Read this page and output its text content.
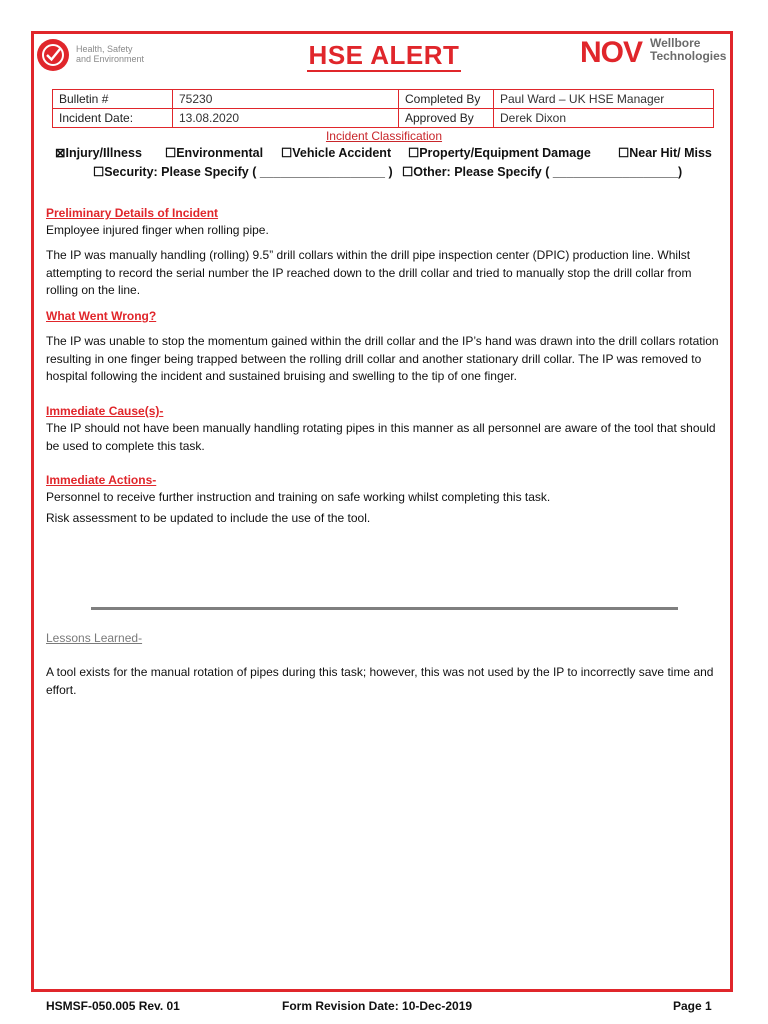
Health, Safety
and Environment	HSE ALERT	NOV Wellbore
Technologies
Bulletin #	75230	Completed By	Paul Ward – UK HSE Manager
Incident Date:	13.08.2020	Approved By	Derek Dixon
Incident Classification
⊠Injury/Illness ☐Environmental ☐Vehicle Accident ☐Property/Equipment Damage ☐Near Hit/ Miss
☐Security: Please Specify ( __________________ ) ☐Other: Please Specify ( __________________)
Preliminary Details of Incident
Employee injured finger when rolling pipe.
The IP was manually handling (rolling) 9.5” drill collars within the drill pipe inspection center (DPIC) production line. Whilst attempting to record the serial number the IP reached down to the drill collar and tried to manually stop the drill collar from rolling on the line.
What Went Wrong?
The IP was unable to stop the momentum gained within the drill collar and the IP’s hand was drawn into the drill collars rotation resulting in one finger being trapped between the rolling drill collar and another stationary drill collar. The IP was removed to hospital following the incident and sustained bruising and swelling to the tip of one finger.
Immediate Cause(s)-
The IP should not have been manually handling rotating pipes in this manner as all personnel are aware of the tool that should be used to complete this task.
Immediate Actions-
Personnel to receive further instruction and training on safe working whilst completing this task.
Risk assessment to be updated to include the use of the tool.
Lessons Learned-
A tool exists for the manual rotation of pipes during this task; however, this was not used by the IP to incorrectly save time and effort.
HSMSF-050.005 Rev. 01	Form Revision Date: 10-Dec-2019	Page 1
